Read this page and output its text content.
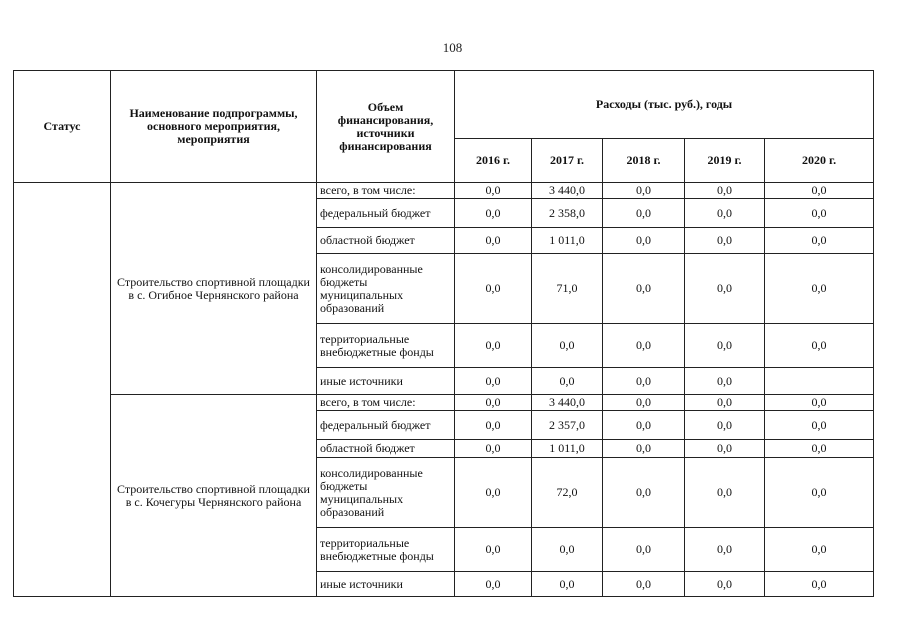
108
Статус	Наименование подпрограммы, основного мероприятия, мероприятия	Объем финансирования, источники финансирования	Расходы (тыс. руб.), годы				
			2016 г.	2017 г.	2018 г.	2019 г.	2020 г.
	Строительство спортивной площадки в с. Огибное Чернянского района	всего, в том числе:	0,0	3 440,0	0,0	0,0	0,0
		федеральный бюджет	0,0	2 358,0	0,0	0,0	0,0
		областной бюджет	0,0	1 011,0	0,0	0,0	0,0
		консолидированные бюджеты муниципальных образований	0,0	71,0	0,0	0,0	0,0
		территориальные внебюджетные фонды	0,0	0,0	0,0	0,0	0,0
		иные источники	0,0	0,0	0,0	0,0	
	Строительство спортивной площадки в с. Кочегуры Чернянского района	всего, в том числе:	0,0	3 440,0	0,0	0,0	0,0
		федеральный бюджет	0,0	2 357,0	0,0	0,0	0,0
		областной бюджет	0,0	1 011,0	0,0	0,0	0,0
		консолидированные бюджеты муниципальных образований	0,0	72,0	0,0	0,0	0,0
		территориальные внебюджетные фонды	0,0	0,0	0,0	0,0	0,0
		иные источники	0,0	0,0	0,0	0,0	0,0
